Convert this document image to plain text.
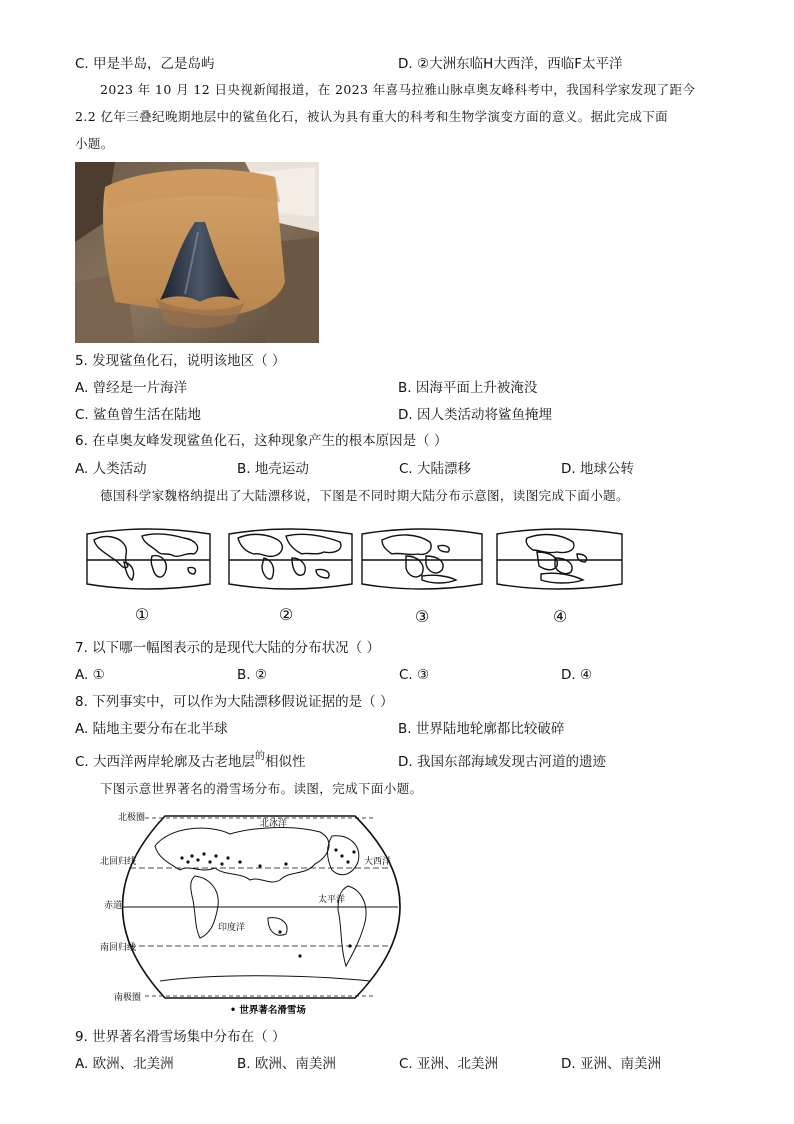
C. 甲是半岛，乙是岛屿	D. ②大洲东临H大西洋，西临F太平洋
2023 年 10 月 12 日央视新闻报道，在 2023 年喜马拉雅山脉卓奥友峰科考中，我国科学家发现了距今
2.2 亿年三叠纪晚期地层中的鲨鱼化石，被认为具有重大的科考和生物学演变方面的意义。据此完成下面
小题。
5. 发现鲨鱼化石，说明该地区（ ）
A. 曾经是一片海洋	B. 因海平面上升被淹没
C. 鲨鱼曾生活在陆地	D. 因人类活动将鲨鱼掩埋
6. 在卓奥友峰发现鲨鱼化石，这种现象产生的根本原因是（ ）
A. 人类活动	B. 地壳运动	C. 大陆漂移	D. 地球公转
德国科学家魏格纳提出了大陆漂移说，下图是不同时期大陆分布示意图，读图完成下面小题。
①	②	③	④
7. 以下哪一幅图表示的是现代大陆的分布状况（ ）
A. ①	B. ②	C. ③	D. ④
8. 下列事实中，可以作为大陆漂移假说证据的是（ ）
A. 陆地主要分布在北半球	B. 世界陆地轮廓都比较破碎
C. 大西洋两岸轮廓及古老地层$^的$相似性	D. 我国东部海域发现古河道的遗迹
下图示意世界著名的滑雪场分布。读图，完成下面小题。
北极圈
北回归线
赤道
南回归线
南极圈
北冰洋
大西洋
太平洋
印度洋
• 世界著名滑雪场
9. 世界著名滑雪场集中分布在（ ）
A. 欧洲、北美洲	B. 欧洲、南美洲	C. 亚洲、北美洲	D. 亚洲、南美洲
